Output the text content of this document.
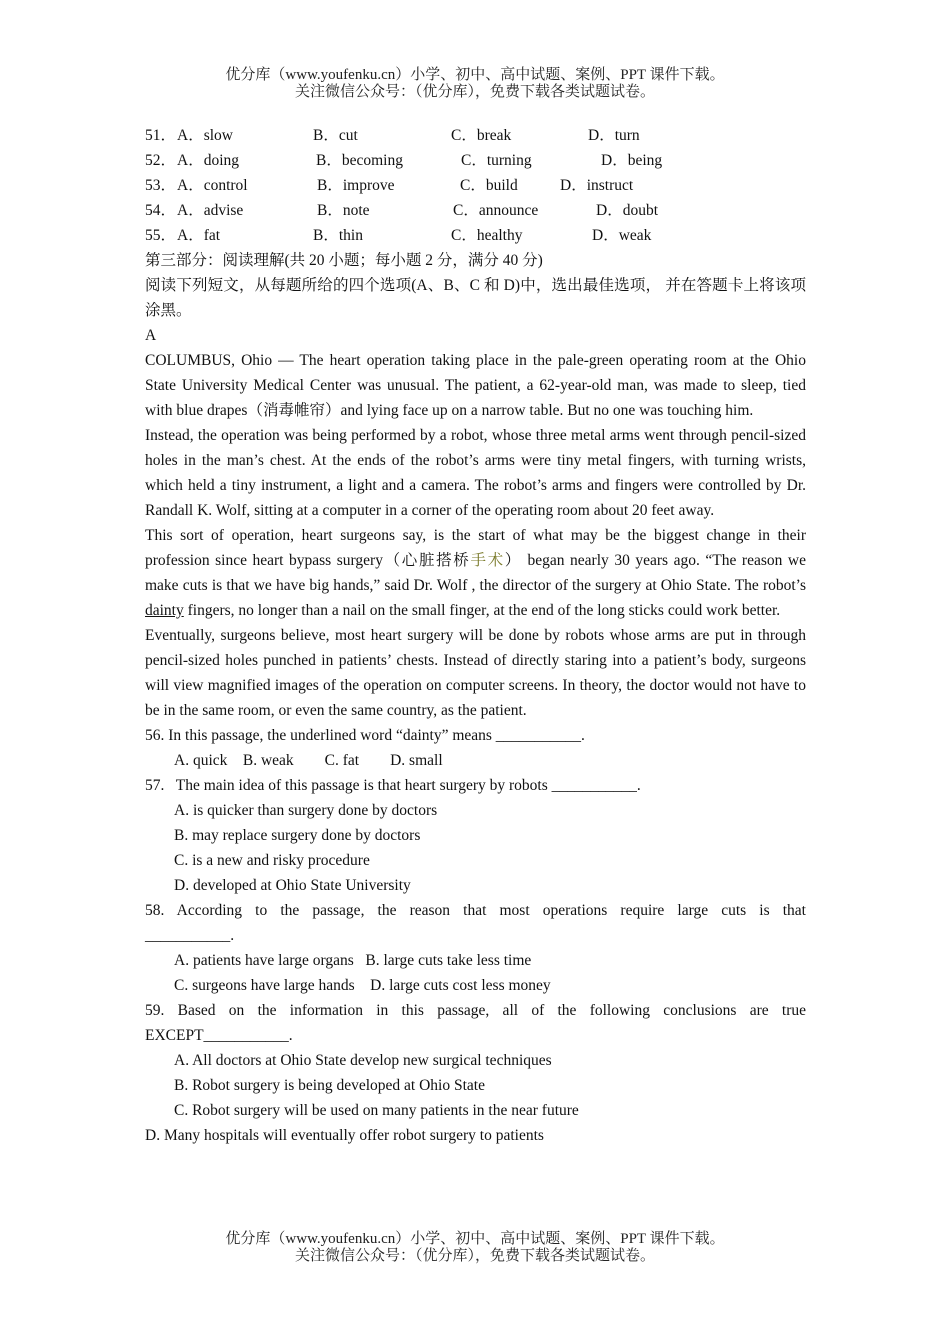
优分库（www.youfenku.cn）小学、初中、高中试题、案例、PPT 课件下载。
关注微信公众号：（优分库），免费下载各类试题试卷。
51． A．slow	B．cut	C．break	D．turn
52． A．doing	B．becoming	C．turning	D．being
53． A．control	B．improve	C．build	D．instruct
54． A．advise	B．note	C．announce	D．doubt
55． A．fat	B．thin	C．healthy	D．weak
第三部分：阅读理解(共 20 小题；每小题 2 分，满分 40 分)
阅读下列短文，从每题所给的四个选项(A、B、C 和 D)中，选出最佳选项， 并在答题卡上将该项涂黑。
A
COLUMBUS, Ohio — The heart operation taking place in the pale-green operating room at the Ohio State University Medical Center was unusual. The patient, a 62-year-old man, was made to sleep, tied with blue drapes（消毒帷帘）and lying face up on a narrow table. But no one was touching him.
Instead, the operation was being performed by a robot, whose three metal arms went through pencil-sized holes in the man’s chest. At the ends of the robot’s arms were tiny metal fingers, with turning wrists, which held a tiny instrument, a light and a camera. The robot’s arms and fingers were controlled by Dr. Randall K. Wolf, sitting at a computer in a corner of the operating room about 20 feet away.
This sort of operation, heart surgeons say, is the start of what may be the biggest change in their profession since heart bypass surgery（心脏搭桥手术） began nearly 30 years ago. “The reason we make cuts is that we have big hands,” said Dr. Wolf , the director of the surgery at Ohio State. The robot’s dainty fingers, no longer than a nail on the small finger, at the end of the long sticks could work better.
Eventually, surgeons believe, most heart surgery will be done by robots whose arms are put in through pencil-sized holes punched in patients’ chests. Instead of directly staring into a patient’s body, surgeons will view magnified images of the operation on computer screens. In theory, the doctor would not have to be in the same room, or even the same country, as the patient.
56. In this passage, the underlined word “dainty” means ___________.
A. quick    B. weak        C. fat        D. small
57.   The main idea of this passage is that heart surgery by robots ___________.
A. is quicker than surgery done by doctors
B. may replace surgery done by doctors
C. is a new and risky procedure
D. developed at Ohio State University
58. According to the passage, the reason that most operations require large cuts is that
___________.
A. patients have large organs   B. large cuts take less time
C. surgeons have large hands    D. large cuts cost less money
59. Based on the information in this passage, all of the following conclusions are true
EXCEPT___________.
A. All doctors at Ohio State develop new surgical techniques
B. Robot surgery is being developed at Ohio State
C. Robot surgery will be used on many patients in the near future
D. Many hospitals will eventually offer robot surgery to patients
优分库（www.youfenku.cn）小学、初中、高中试题、案例、PPT 课件下载。
关注微信公众号：（优分库），免费下载各类试题试卷。
